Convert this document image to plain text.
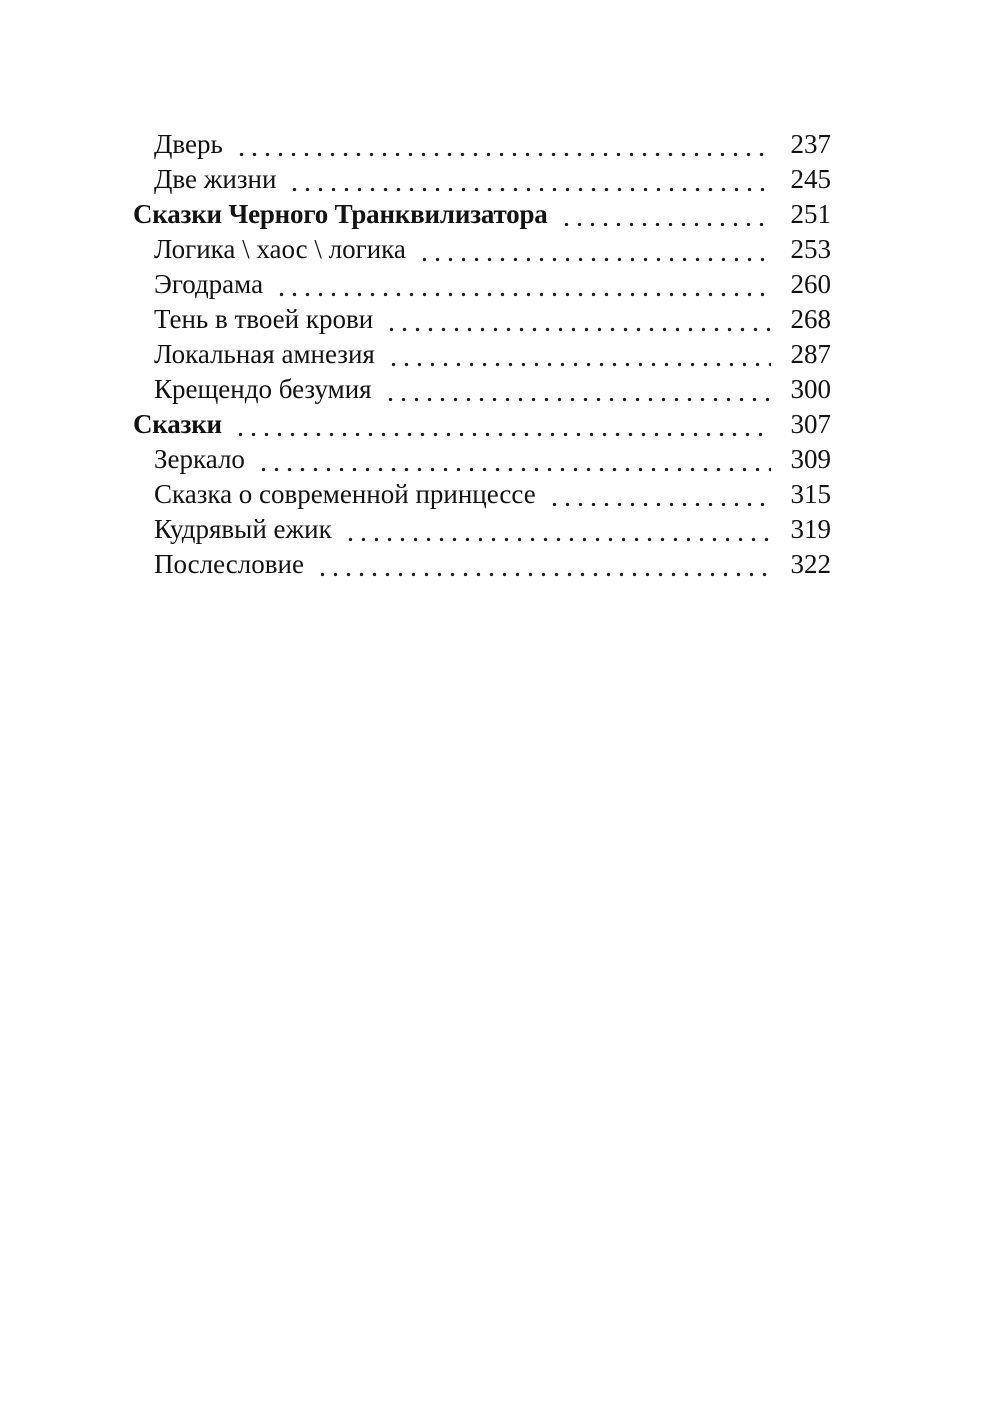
Дверь	237
Две жизни	245
Сказки Черного Транквилизатора	251
Логика \ хаос \ логика	253
Эгодрама	260
Тень в твоей крови	268
Локальная амнезия	287
Крещендо безумия	300
Сказки	307
Зеркало	309
Сказка о современной принцессе	315
Кудрявый ежик	319
Послесловие	322
